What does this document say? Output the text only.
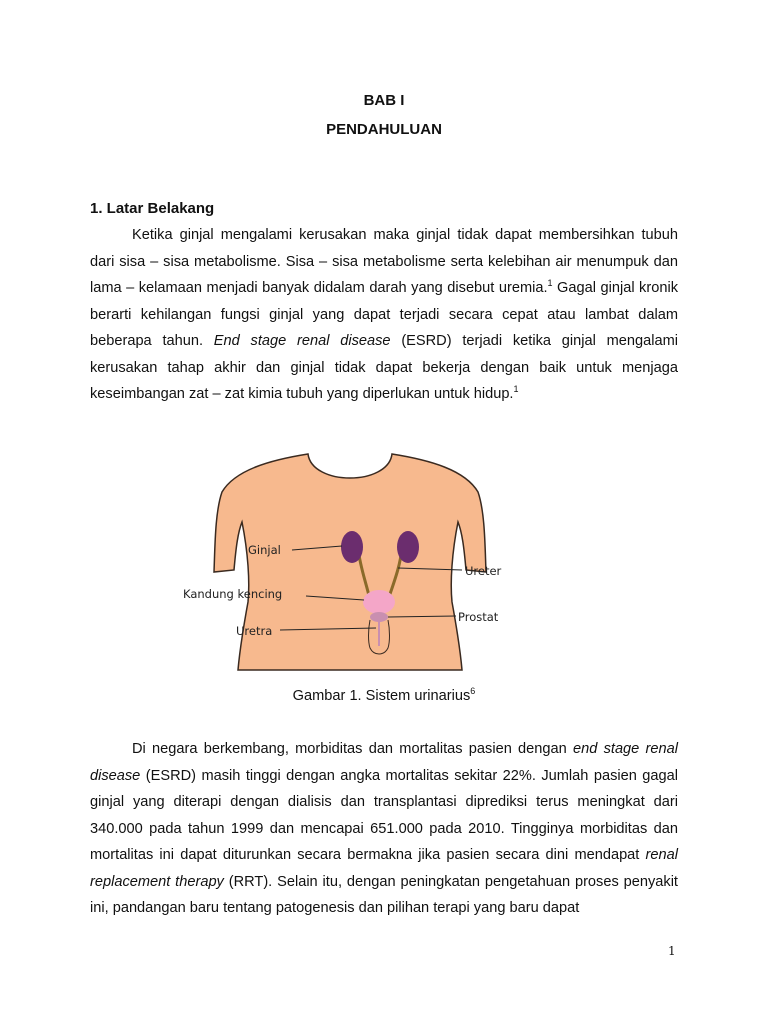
BAB I
PENDAHULUAN
1. Latar Belakang

Ketika ginjal mengalami kerusakan maka ginjal tidak dapat membersihkan tubuh dari sisa – sisa metabolisme. Sisa – sisa metabolisme serta kelebihan air menumpuk dan lama – kelamaan menjadi banyak didalam darah yang disebut uremia.$^1$ Gagal ginjal kronik berarti kehilangan fungsi ginjal yang dapat terjadi secara cepat atau lambat dalam beberapa tahun. End stage renal disease (ESRD) terjadi ketika ginjal mengalami kerusakan tahap akhir dan ginjal tidak dapat bekerja dengan baik untuk menjaga keseimbangan zat – zat kimia tubuh yang diperlukan untuk hidup.$^1$

Ginjal
Ureter
Kandung kencing
Prostat
Uretra
Gambar 1. Sistem urinarius$^6$

Di negara berkembang, morbiditas dan mortalitas pasien dengan end stage renal disease (ESRD) masih tinggi dengan angka mortalitas sekitar 22%. Jumlah pasien gagal ginjal yang diterapi dengan dialisis dan transplantasi diprediksi terus meningkat dari 340.000 pada tahun 1999 dan mencapai 651.000 pada 2010. Tingginya morbiditas dan mortalitas ini dapat diturunkan secara bermakna jika pasien secara dini mendapat renal replacement therapy (RRT). Selain itu, dengan peningkatan pengetahuan proses penyakit ini, pandangan baru tentang patogenesis dan pilihan terapi yang baru dapat

1
